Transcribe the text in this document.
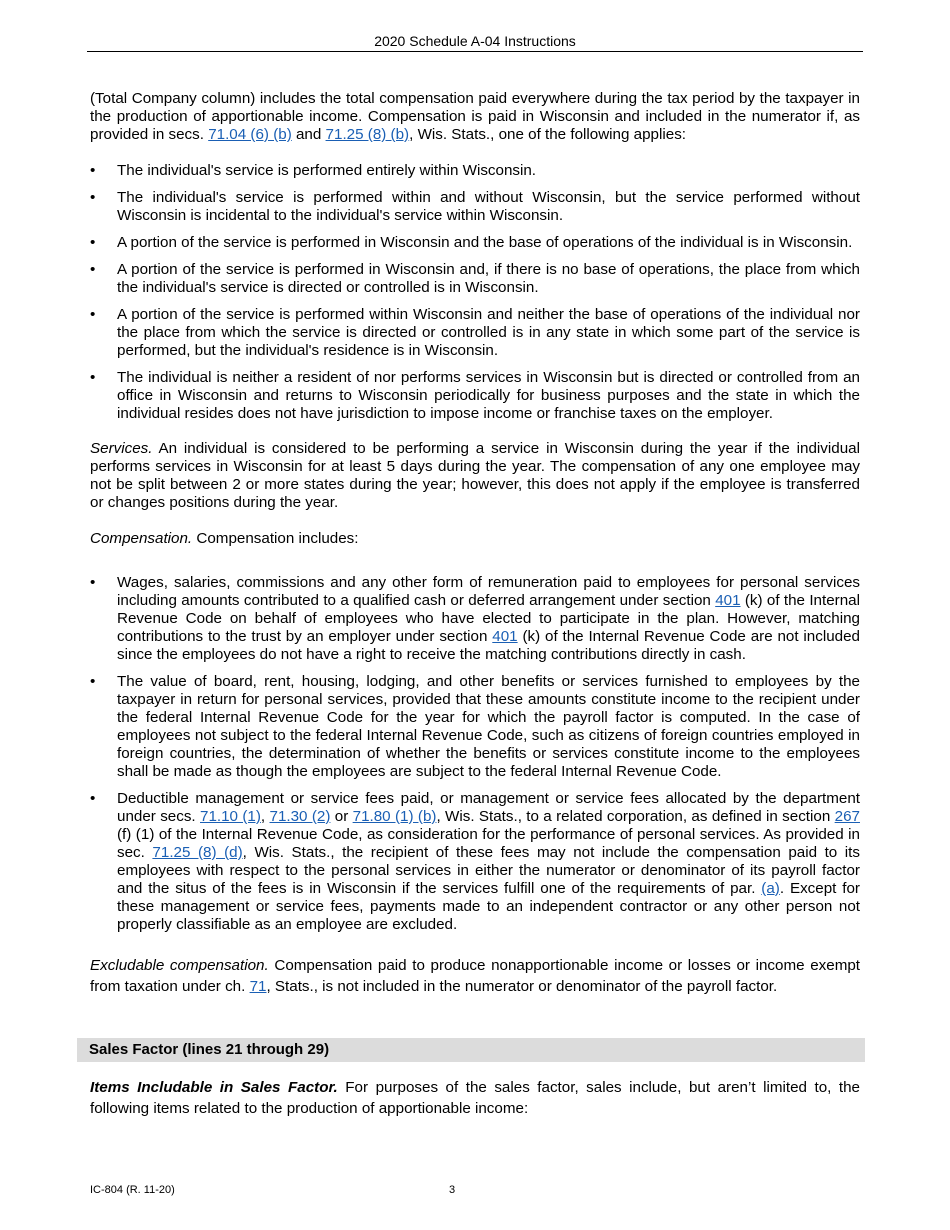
2020 Schedule A-04 Instructions

(Total Company column) includes the total compensation paid everywhere during the tax period by the taxpayer in the production of apportionable income. Compensation is paid in Wisconsin and included in the numerator if, as provided in secs. 71.04 (6) (b) and 71.25 (8) (b), Wis. Stats., one of the following applies:

•	The individual's service is performed entirely within Wisconsin.
•	The individual's service is performed within and without Wisconsin, but the service performed without Wisconsin is incidental to the individual's service within Wisconsin.
•	A portion of the service is performed in Wisconsin and the base of operations of the individual is in Wisconsin.
•	A portion of the service is performed in Wisconsin and, if there is no base of operations, the place from which the individual's service is directed or controlled is in Wisconsin.
•	A portion of the service is performed within Wisconsin and neither the base of operations of the individual nor the place from which the service is directed or controlled is in any state in which some part of the service is performed, but the individual's residence is in Wisconsin.
•	The individual is neither a resident of nor performs services in Wisconsin but is directed or controlled from an office in Wisconsin and returns to Wisconsin periodically for business purposes and the state in which the individual resides does not have jurisdiction to impose income or franchise taxes on the employer.

Services. An individual is considered to be performing a service in Wisconsin during the year if the individual performs services in Wisconsin for at least 5 days during the year. The compensation of any one employee may not be split between 2 or more states during the year; however, this does not apply if the employee is transferred or changes positions during the year.

Compensation. Compensation includes:

•	Wages, salaries, commissions and any other form of remuneration paid to employees for personal services including amounts contributed to a qualified cash or deferred arrangement under section 401 (k) of the Internal Revenue Code on behalf of employees who have elected to participate in the plan. However, matching contributions to the trust by an employer under section 401 (k) of the Internal Revenue Code are not included since the employees do not have a right to receive the matching contributions directly in cash.
•	The value of board, rent, housing, lodging, and other benefits or services furnished to employees by the taxpayer in return for personal services, provided that these amounts constitute income to the recipient under the federal Internal Revenue Code for the year for which the payroll factor is computed. In the case of employees not subject to the federal Internal Revenue Code, such as citizens of foreign countries employed in foreign countries, the determination of whether the benefits or services constitute income to the employees shall be made as though the employees are subject to the federal Internal Revenue Code.
•	Deductible management or service fees paid, or management or service fees allocated by the department under secs. 71.10 (1), 71.30 (2) or 71.80 (1) (b), Wis. Stats., to a related corporation, as defined in section 267 (f) (1) of the Internal Revenue Code, as consideration for the performance of personal services. As provided in sec. 71.25 (8) (d), Wis. Stats., the recipient of these fees may not include the compensation paid to its employees with respect to the personal services in either the numerator or denominator of its payroll factor and the situs of the fees is in Wisconsin if the services fulfill one of the requirements of par. (a). Except for these management or service fees, payments made to an independent contractor or any other person not properly classifiable as an employee are excluded.

Excludable compensation. Compensation paid to produce nonapportionable income or losses or income exempt from taxation under ch. 71, Stats., is not included in the numerator or denominator of the payroll factor.

Sales Factor (lines 21 through 29)

Items Includable in Sales Factor. For purposes of the sales factor, sales include, but aren’t limited to, the following items related to the production of apportionable income:

IC-804 (R. 11-20)	3
